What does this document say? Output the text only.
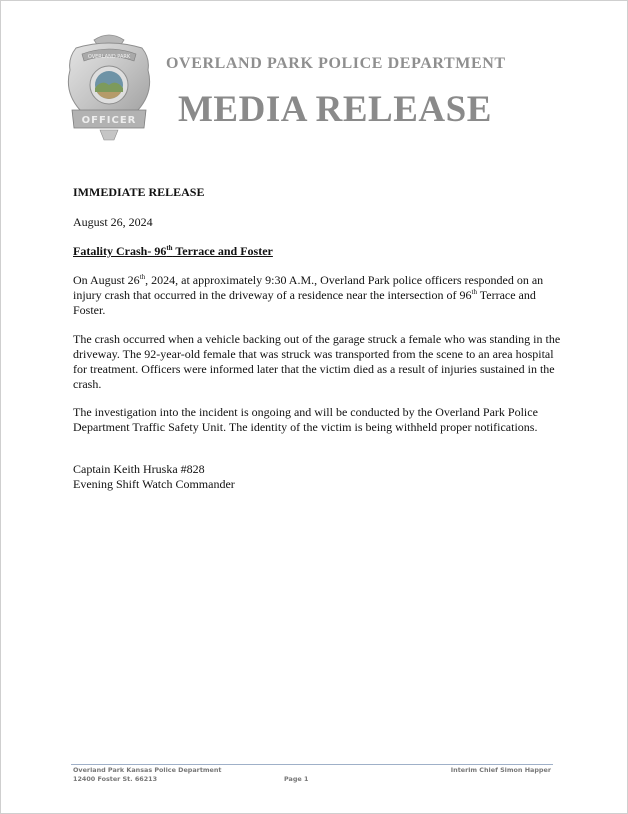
OVERLAND PARK
OFFICER
OVERLAND PARK POLICE DEPARTMENT
MEDIA RELEASE
IMMEDIATE RELEASE
August 26, 2024
Fatality Crash- 96th Terrace and Foster
On August 26th, 2024, at approximately 9:30 A.M., Overland Park police officers responded on an injury crash that occurred in the driveway of a residence near the intersection of 96th Terrace and Foster.
The crash occurred when a vehicle backing out of the garage struck a female who was standing in the driveway. The 92-year-old female that was struck was transported from the scene to an area hospital for treatment. Officers were informed later that the victim died as a result of injuries sustained in the crash.
The investigation into the incident is ongoing and will be conducted by the Overland Park Police Department Traffic Safety Unit. The identity of the victim is being withheld proper notifications.
Captain Keith Hruska #828
Evening Shift Watch Commander
Overland Park Kansas Police Department
12400 Foster St. 66213	Page 1
Interim Chief Simon Happer
